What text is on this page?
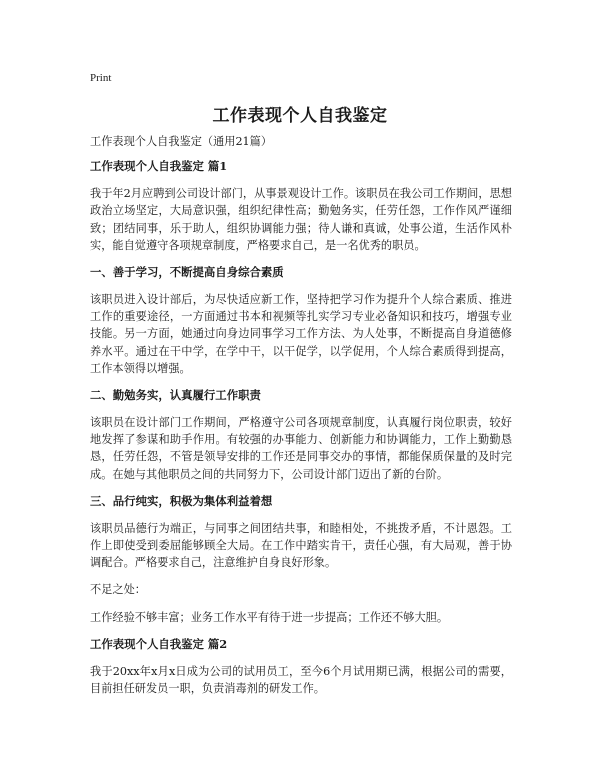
Print
工作表现个人自我鉴定

工作表现个人自我鉴定（通用21篇）

工作表现个人自我鉴定 篇1

我于年2月应聘到公司设计部门，从事景观设计工作。该职员在我公司工作期间，思想政治立场坚定，大局意识强，组织纪律性高；勤勉务实，任劳任怨，工作作风严谨细致；团结同事，乐于助人，组织协调能力强；待人谦和真诚，处事公道，生活作风朴实，能自觉遵守各项规章制度，严格要求自己，是一名优秀的职员。

一、善于学习，不断提高自身综合素质

该职员进入设计部后，为尽快适应新工作，坚持把学习作为提升个人综合素质、推进工作的重要途径，一方面通过书本和视频等扎实学习专业必备知识和技巧，增强专业技能。另一方面，她通过向身边同事学习工作方法、为人处事，不断提高自身道德修养水平。通过在干中学，在学中干，以干促学，以学促用，个人综合素质得到提高，工作本领得以增强。

二、勤勉务实，认真履行工作职责

该职员在设计部门工作期间，严格遵守公司各项规章制度，认真履行岗位职责，较好地发挥了参谋和助手作用。有较强的办事能力、创新能力和协调能力，工作上勤勤恳恳，任劳任怨，不管是领导安排的工作还是同事交办的事情，都能保质保量的及时完成。在她与其他职员之间的共同努力下，公司设计部门迈出了新的台阶。

三、品行纯实，积极为集体利益着想

该职员品德行为端正，与同事之间团结共事，和睦相处，不挑拨矛盾，不计恩怨。工作上即使受到委屈能够顾全大局。在工作中踏实肯干，责任心强，有大局观，善于协调配合。严格要求自己，注意维护自身良好形象。

不足之处：

工作经验不够丰富；业务工作水平有待于进一步提高；工作还不够大胆。

工作表现个人自我鉴定 篇2

我于20xx年x月x日成为公司的试用员工，至今6个月试用期已满，根据公司的需要，目前担任研发员一职，负责消毒剂的研发工作。
